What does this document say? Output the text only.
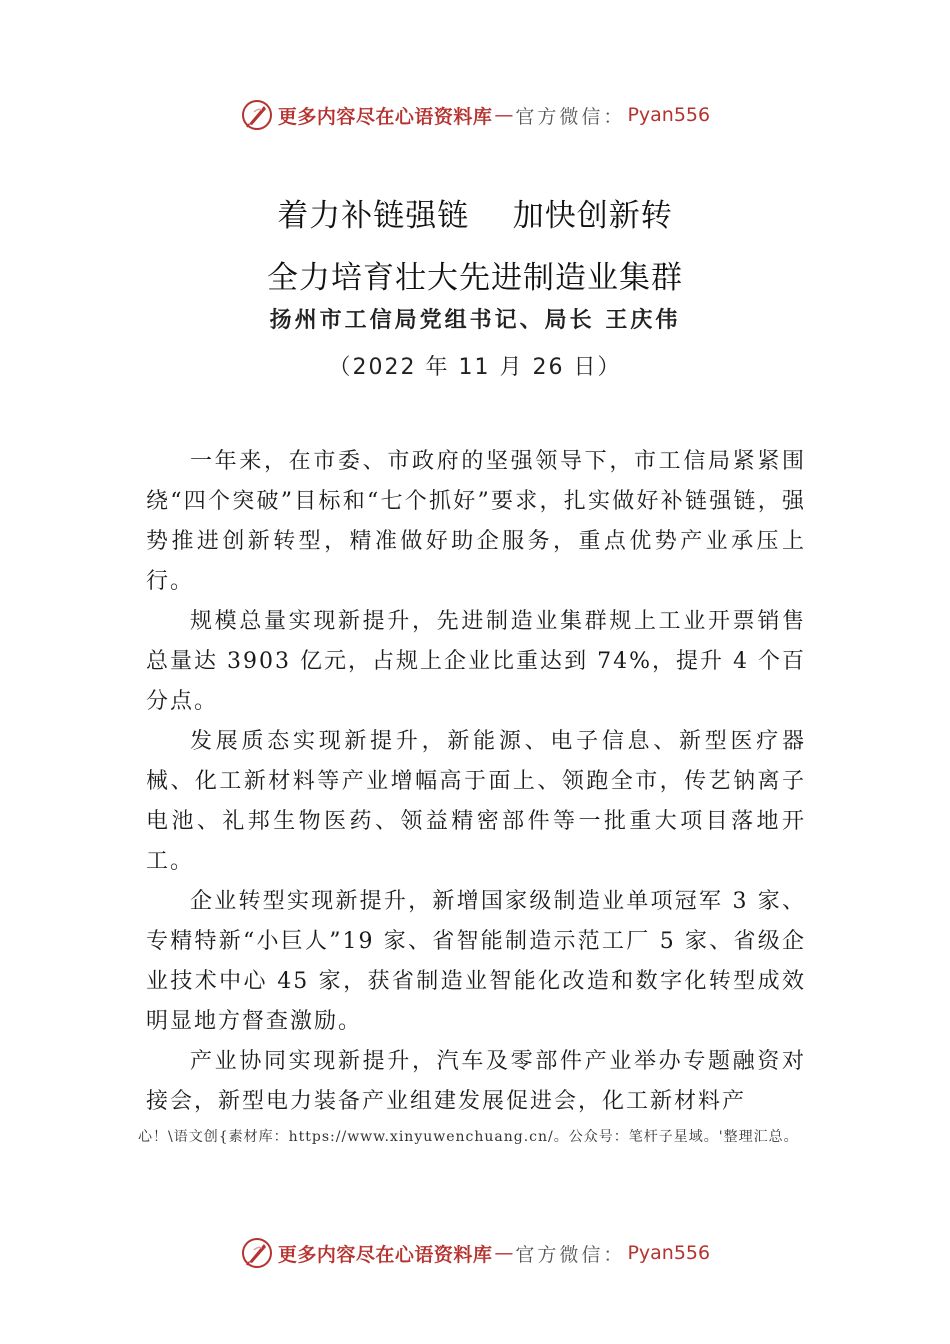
更多内容尽在心语资料库 — 官方微信： Pyan556
着力补链强链    加快创新转
全力培育壮大先进制造业集群
扬州市工信局党组书记、局长 王庆伟
（2022 年 11 月 26 日）

一年来，在市委、市政府的坚强领导下，市工信局紧紧围绕“四个突破”目标和“七个抓好”要求，扎实做好补链强链，强势推进创新转型，精准做好助企服务，重点优势产业承压上行。

规模总量实现新提升，先进制造业集群规上工业开票销售总量达 3903 亿元，占规上企业比重达到 74%，提升 4 个百分点。

发展质态实现新提升，新能源、电子信息、新型医疗器械、化工新材料等产业增幅高于面上、领跑全市，传艺钠离子电池、礼邦生物医药、领益精密部件等一批重大项目落地开工。

企业转型实现新提升，新增国家级制造业单项冠军 3 家、专精特新“小巨人”19 家、省智能制造示范工厂 5 家、省级企业技术中心 45 家，获省制造业智能化改造和数字化转型成效明显地方督查激励。

产业协同实现新提升，汽车及零部件产业举办专题融资对接会，新型电力装备产业组建发展促进会，化工新材料产

心！\语文创{素材库：https://www.xinyuwenchuang.cn/。公众号：笔杆子星域。'整理汇总。
更多内容尽在心语资料库 — 官方微信： Pyan556
